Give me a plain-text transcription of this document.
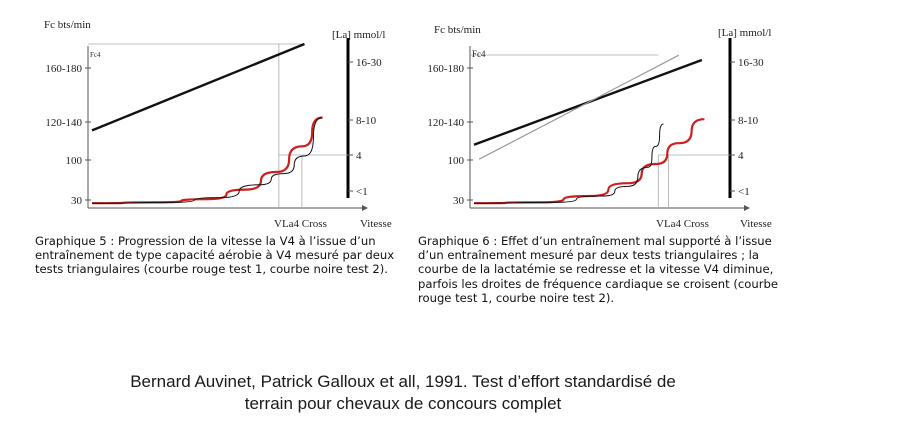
Fc bts/min
[La] mmol/l
160-180
120-140
100
30
16-30
8-10
4
<1
Fc4
VLa4 Cross	Vitesse
Fc bts/min	[La] mmol/l
160-180
120-140
100
30
16-30
8-10
4
<1
Fc4
VLa4 Cross	Vitesse
Graphique 5 : Progression de la vitesse la V4 à l’issue d’un entraînement de type capacité aérobie à V4 mesuré par deux tests triangulaires (courbe rouge test 1, courbe noire test 2).
Graphique 6 : Effet d’un entraînement mal supporté à l’issue d’un entraînement mesuré par deux tests triangulaires ; la courbe de la lactatémie se redresse et la vitesse V4 diminue, parfois les droites de fréquence cardiaque se croisent (courbe rouge test 1, courbe noire test 2).
Bernard Auvinet, Patrick Galloux et all, 1991. Test d’effort standardisé de
terrain pour chevaux de concours complet
